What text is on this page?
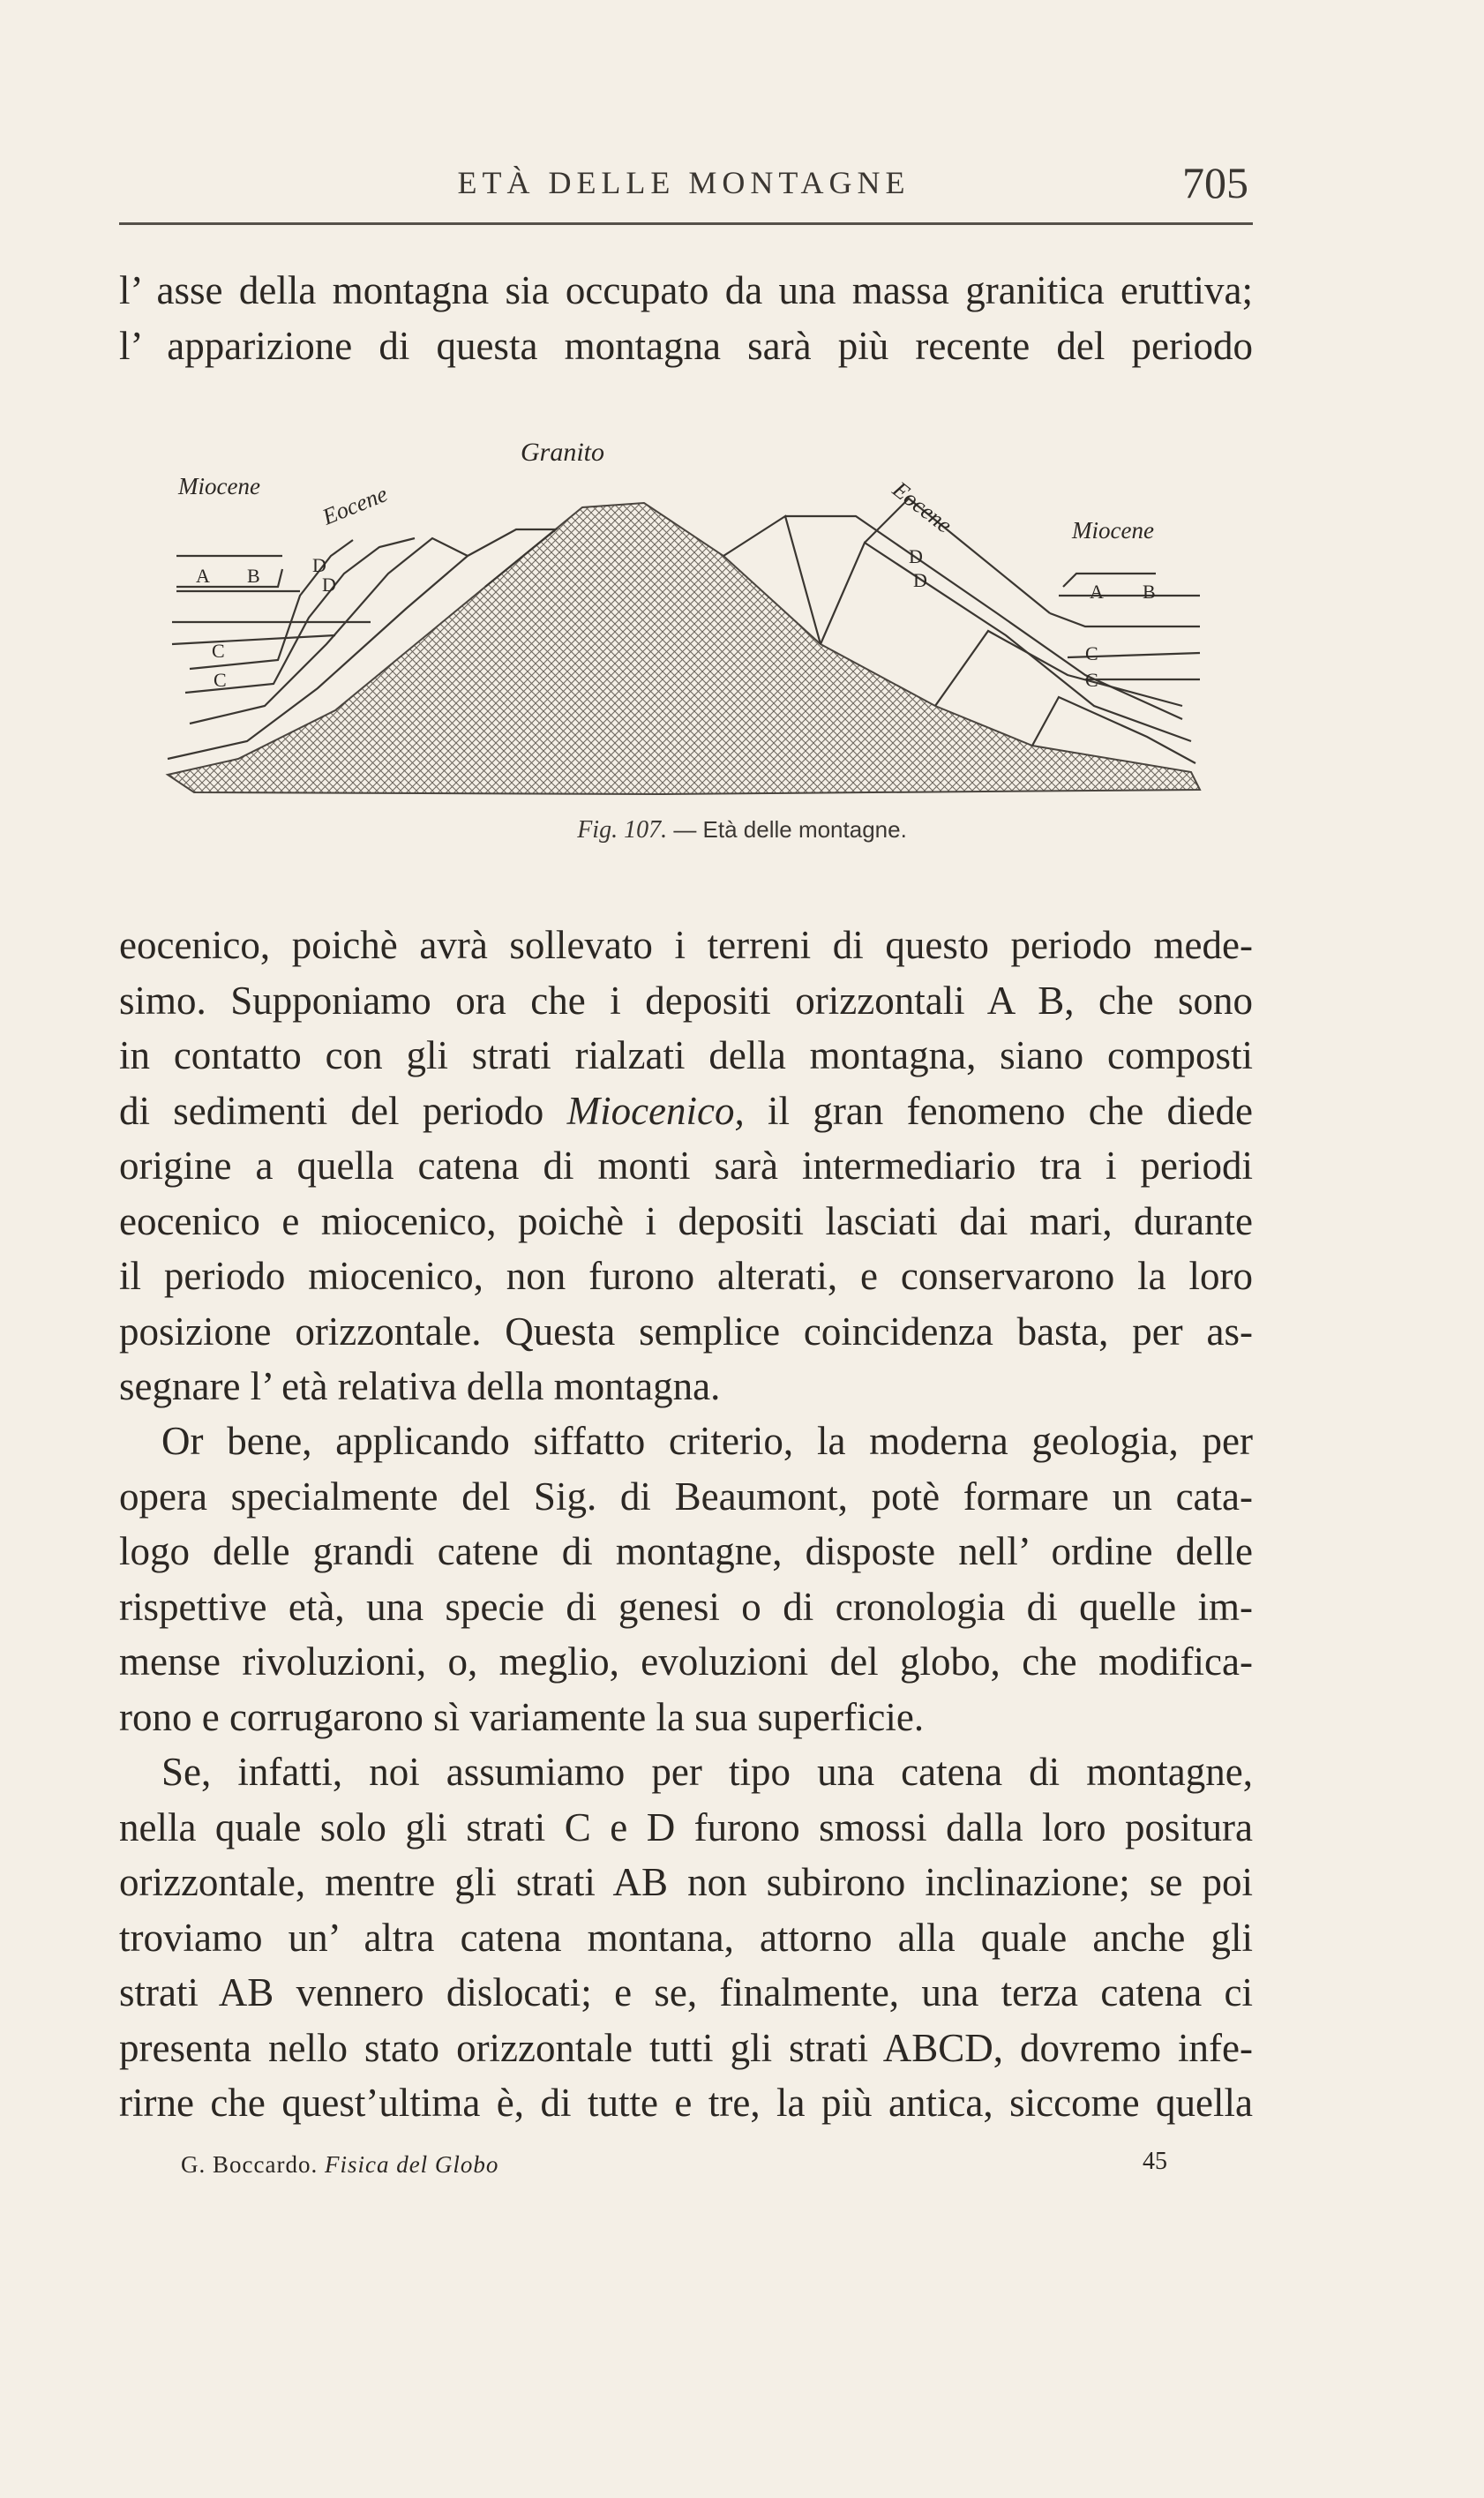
ETÀ DELLE MONTAGNE	705
l’ asse della montagna sia occupato da una massa granitica eruttiva;
l’ apparizione di questa montagna sarà più recente del periodo
Granito
Miocene	Eocene	Eocene	Miocene
A B	D
D
C
C
D
D
A B
C
C
Fig. 107. — Età delle montagne.
eocenico, poichè avrà sollevato i terreni di questo periodo mede-
simo. Supponiamo ora che i depositi orizzontali A B, che sono
in contatto con gli strati rialzati della montagna, siano composti
di sedimenti del periodo Miocenico, il gran fenomeno che diede
origine a quella catena di monti sarà intermediario tra i periodi
eocenico e miocenico, poichè i depositi lasciati dai mari, durante
il periodo miocenico, non furono alterati, e conservarono la loro
posizione orizzontale. Questa semplice coincidenza basta, per as-
segnare l’ età relativa della montagna.
Or bene, applicando siffatto criterio, la moderna geologia, per
opera specialmente del Sig. di Beaumont, potè formare un cata-
logo delle grandi catene di montagne, disposte nell’ ordine delle
rispettive età, una specie di genesi o di cronologia di quelle im-
mense rivoluzioni, o, meglio, evoluzioni del globo, che modifica-
rono e corrugarono sì variamente la sua superficie.
Se, infatti, noi assumiamo per tipo una catena di montagne,
nella quale solo gli strati C e D furono smossi dalla loro positura
orizzontale, mentre gli strati AB non subirono inclinazione; se poi
troviamo un’ altra catena montana, attorno alla quale anche gli
strati AB vennero dislocati; e se, finalmente, una terza catena ci
presenta nello stato orizzontale tutti gli strati ABCD, dovremo infe-
rirne che quest’ultima è, di tutte e tre, la più antica, siccome quella
G. Boccardo. Fisica del Globo	45
